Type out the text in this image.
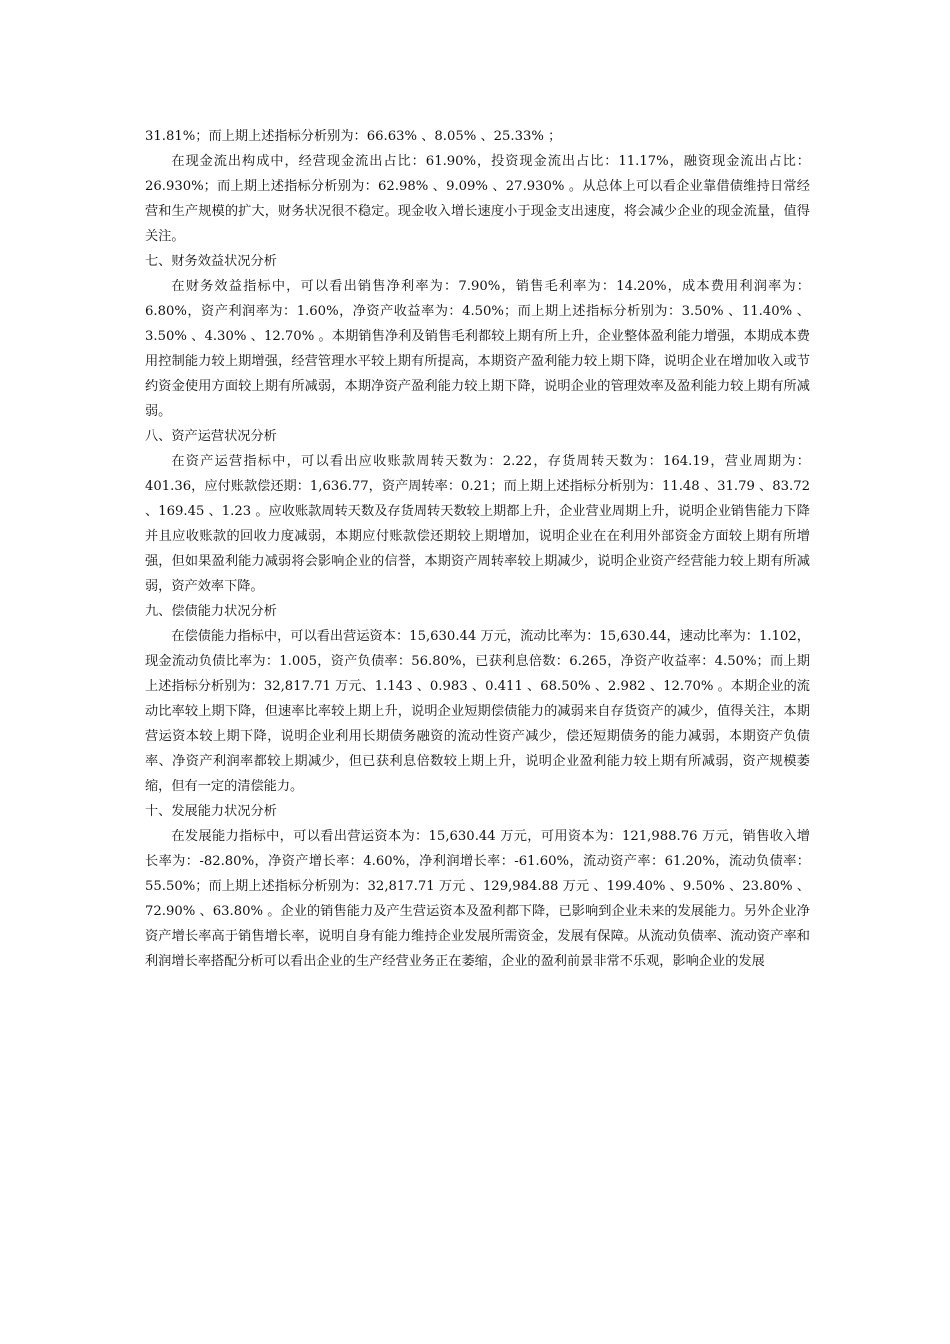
31.81%；而上期上述指标分析别为：66.63% 、8.05% 、25.33% ；

在现金流出构成中，经营现金流出占比：61.90%，投资现金流出占比：11.17%，融资现金流出占比：26.930%；而上期上述指标分析别为：62.98% 、9.09% 、27.930% 。从总体上可以看企业靠借债维持日常经营和生产规模的扩大，财务状况很不稳定。现金收入增长速度小于现金支出速度，将会减少企业的现金流量，值得关注。

七、财务效益状况分析

在财务效益指标中，可以看出销售净利率为：7.90%，销售毛利率为：14.20%，成本费用利润率为：6.80%，资产利润率为：1.60%，净资产收益率为：4.50%；而上期上述指标分析别为：3.50% 、11.40% 、3.50% 、4.30% 、12.70% 。本期销售净利及销售毛利都较上期有所上升，企业整体盈利能力增强，本期成本费用控制能力较上期增强，经营管理水平较上期有所提高，本期资产盈利能力较上期下降，说明企业在增加收入或节约资金使用方面较上期有所减弱，本期净资产盈利能力较上期下降，说明企业的管理效率及盈利能力较上期有所减弱。

八、资产运营状况分析

在资产运营指标中，可以看出应收账款周转天数为：2.22，存货周转天数为：164.19，营业周期为：401.36，应付账款偿还期：1,636.77，资产周转率：0.21；而上期上述指标分析别为：11.48 、31.79 、83.72 、169.45 、1.23 。应收账款周转天数及存货周转天数较上期都上升，企业营业周期上升，说明企业销售能力下降并且应收账款的回收力度减弱，本期应付账款偿还期较上期增加，说明企业在在利用外部资金方面较上期有所增强，但如果盈利能力减弱将会影响企业的信誉，本期资产周转率较上期减少，说明企业资产经营能力较上期有所减弱，资产效率下降。

九、偿债能力状况分析

在偿债能力指标中，可以看出营运资本：15,630.44 万元，流动比率为：15,630.44，速动比率为：1.102，现金流动负债比率为：1.005，资产负债率：56.80%，已获利息倍数：6.265，净资产收益率：4.50%；而上期上述指标分析别为：32,817.71 万元、1.143 、0.983 、0.411 、68.50% 、2.982 、12.70% 。本期企业的流动比率较上期下降，但速率比率较上期上升，说明企业短期偿债能力的减弱来自存货资产的减少，值得关注，本期营运资本较上期下降，说明企业利用长期债务融资的流动性资产减少，偿还短期债务的能力减弱，本期资产负债率、净资产利润率都较上期减少，但已获利息倍数较上期上升，说明企业盈利能力较上期有所减弱，资产规模萎缩，但有一定的清偿能力。

十、发展能力状况分析

在发展能力指标中，可以看出营运资本为：15,630.44 万元，可用资本为：121,988.76 万元，销售收入增长率为：-82.80%，净资产增长率：4.60%，净利润增长率：-61.60%，流动资产率：61.20%，流动负债率：55.50%；而上期上述指标分析别为：32,817.71 万元 、129,984.88 万元 、199.40% 、9.50% 、23.80% 、72.90% 、63.80% 。企业的销售能力及产生营运资本及盈利都下降，已影响到企业未来的发展能力。另外企业净资产增长率高于销售增长率，说明自身有能力维持企业发展所需资金，发展有保障。从流动负债率、流动资产率和利润增长率搭配分析可以看出企业的生产经营业务正在萎缩，企业的盈利前景非常不乐观，影响企业的发展
